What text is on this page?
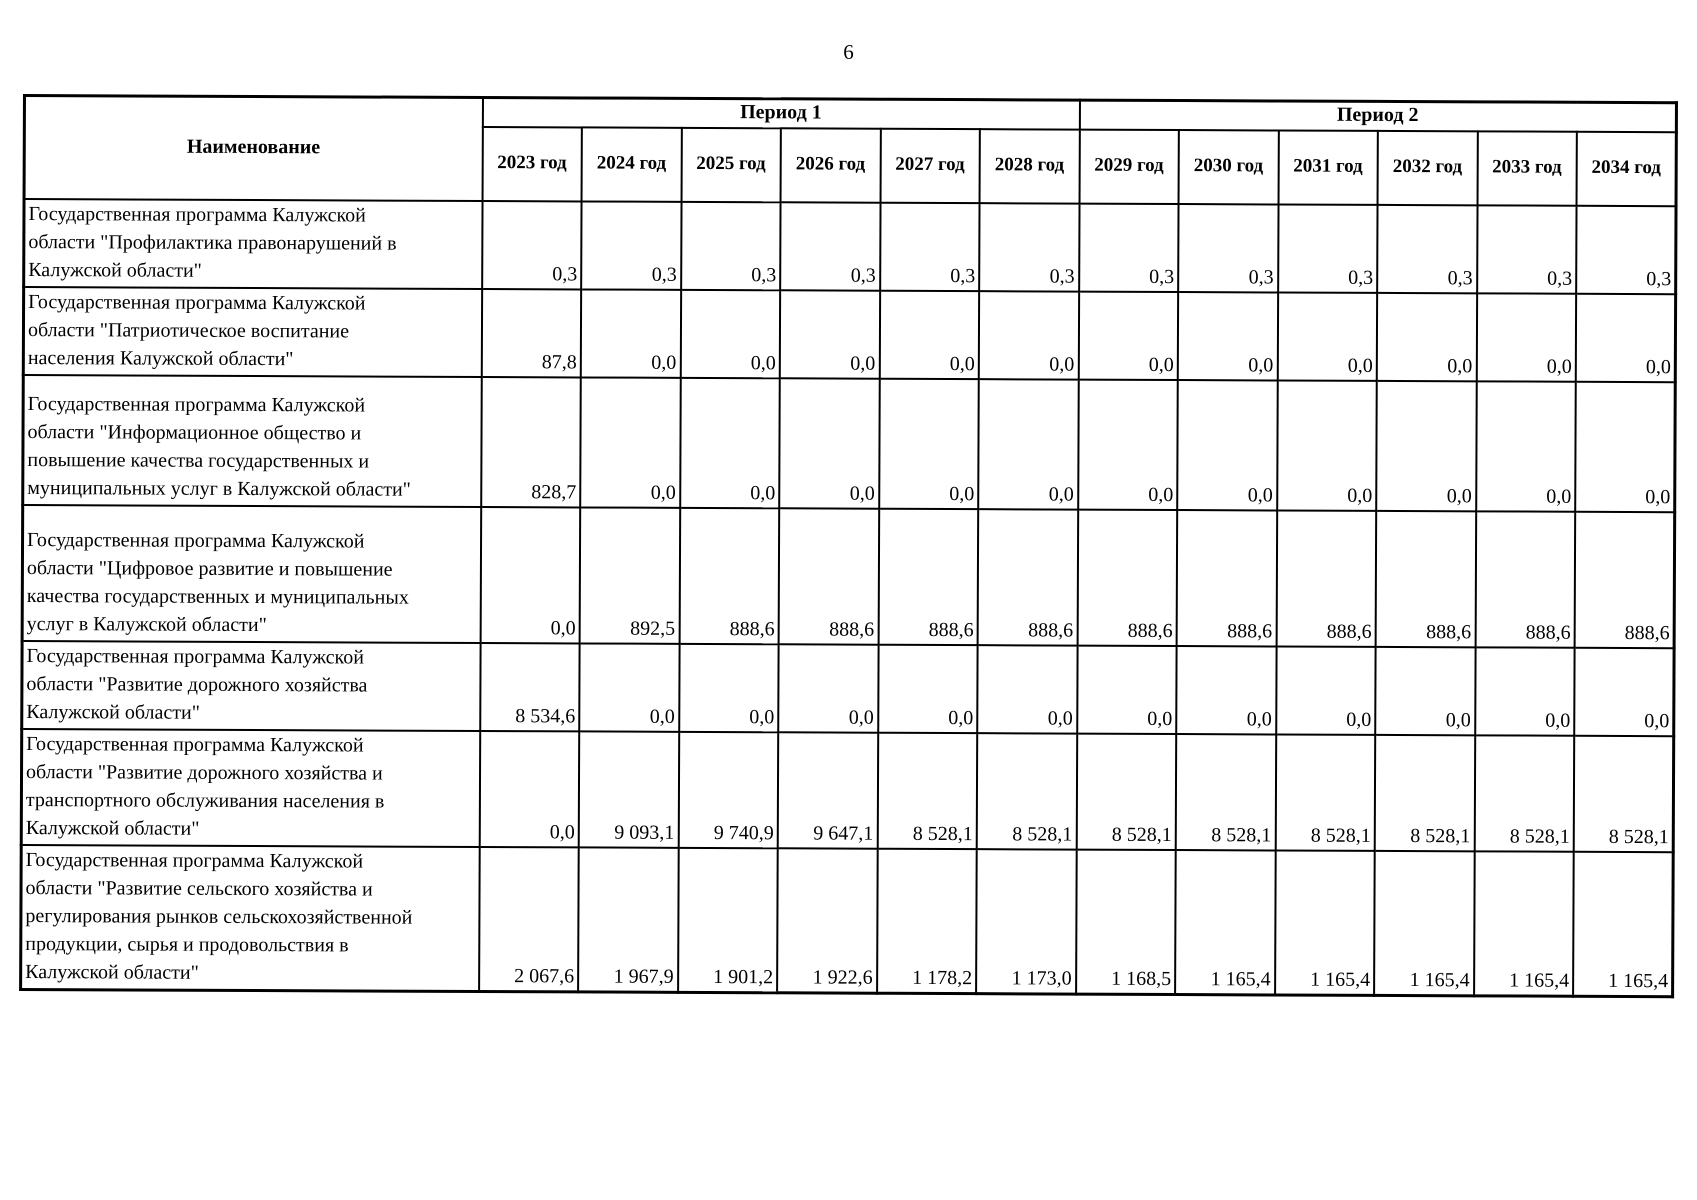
6
Наименование	Период 1						Период 2					
	2023 год	2024 год	2025 год	2026 год	2027 год	2028 год	2029 год	2030 год	2031 год	2032 год	2033 год	2034 год

Государственная программа Калужской
области "Профилактика правонарушений в
Калужской области"	0,3	0,3	0,3	0,3	0,3	0,3	0,3	0,3	0,3	0,3	0,3	0,3

Государственная программа Калужской
области "Патриотическое воспитание
населения Калужской области"	87,8	0,0	0,0	0,0	0,0	0,0	0,0	0,0	0,0	0,0	0,0	0,0

Государственная программа Калужской
области "Информационное общество и
повышение качества государственных и
муниципальных услуг в Калужской области"	828,7	0,0	0,0	0,0	0,0	0,0	0,0	0,0	0,0	0,0	0,0	0,0

Государственная программа Калужской
области "Цифровое развитие и повышение
качества государственных и муниципальных
услуг в Калужской области"	0,0	892,5	888,6	888,6	888,6	888,6	888,6	888,6	888,6	888,6	888,6	888,6

Государственная программа Калужской
области "Развитие дорожного хозяйства
Калужской области"	8 534,6	0,0	0,0	0,0	0,0	0,0	0,0	0,0	0,0	0,0	0,0	0,0

Государственная программа Калужской
области "Развитие дорожного хозяйства и
транспортного обслуживания населения в
Калужской области"	0,0	9 093,1	9 740,9	9 647,1	8 528,1	8 528,1	8 528,1	8 528,1	8 528,1	8 528,1	8 528,1	8 528,1

Государственная программа Калужской
области "Развитие сельского хозяйства и
регулирования рынков сельскохозяйственной
продукции, сырья и продовольствия в
Калужской области"	2 067,6	1 967,9	1 901,2	1 922,6	1 178,2	1 173,0	1 168,5	1 165,4	1 165,4	1 165,4	1 165,4	1 165,4
